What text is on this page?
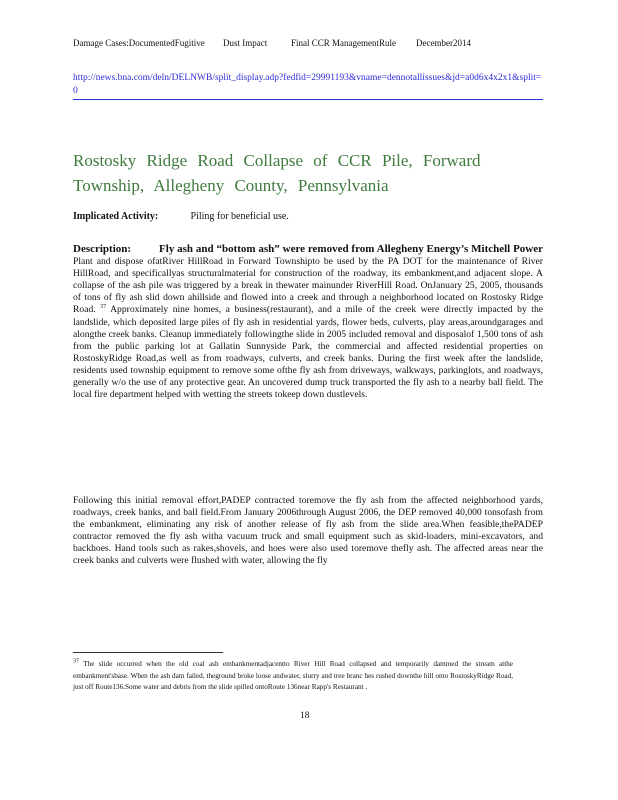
Damage Cases:DocumentedFugitive	Dust Impact	Final CCR ManagementRule	December2014
http://news.bna.com/deln/DELNWB/split_display.adp?fedfid=29991193&vname=dennotallissues&jd=a0d6x4x2x1&split=0
Rostosky Ridge Road Collapse of CCR Pile, Forward Township, Allegheny County, Pennsylvania
Implicated Activity:	Piling for beneficial use.
Description:	Fly ash and “bottom ash” were removed from Allegheny Energy’s Mitchell Power Plant and dispose ofatRiver HillRoad in Forward Townshipto be used by the PA DOT for the maintenance of River HillRoad, and specificallyas structuralmaterial for construction of the roadway, its embankment,and adjacent slope. A collapse of the ash pile was triggered by a break in thewater mainunder RiverHill Road. OnJanuary 25, 2005, thousands of tons of fly ash slid down ahillside and flowed into a creek and through a neighborhood located on Rostosky Ridge Road. $^{37}$ Approximately nine homes, a business(restaurant), and a mile of the creek were directly impacted by the landslide, which deposited large piles of fly ash in residential yards, flower beds, culverts, play areas,aroundgarages and alongthe creek banks. Cleanup immediately followingthe slide in 2005 included removal and disposalof 1,500 tons of ash from the public parking lot at Gallatin Sunnyside Park, the commercial and affected residential properties on RostoskyRidge Road,as well as from roadways, culverts, and creek banks. During the first week after the landslide, residents used township equipment to remove some ofthe fly ash from driveways, walkways, parkinglots, and roadways, generally w/o the use of any protective gear. An uncovered dump truck transported the fly ash to a nearby ball field. The local fire department helped with wetting the streets tokeep down dustlevels.
Following this initial removal effort,PADEP contracted toremove the fly ash from the affected neighborhood yards, roadways, creek banks, and ball field.From January 2006through August 2006, the DEP removed 40,000 tonsofash from the embankment, eliminating any risk of another release of fly ash from the slide area.When feasible,thePADEP contractor removed the fly ash witha vacuum truck and small equipment such as skid-loaders, mini-excavators, and backhoes. Hand tools such as rakes,shovels, and hoes were also used toremove thefly ash. The affected areas near the creek banks and culverts were flushed with water, allowing the fly
$^{37}$ The slide occurred when the old coal ash embankmentadjacentto River Hill Road collapsed and temporarily dammed the stream atthe embankment'sbase. When the ash dam failed, theground broke loose andwater, slurry and tree branc hes rushed downthe hill onto RostoskyRidge Road, just off Route136.Some water and debris from the slide spilled ontoRoute 136near Rapp's Restaurant .
18
